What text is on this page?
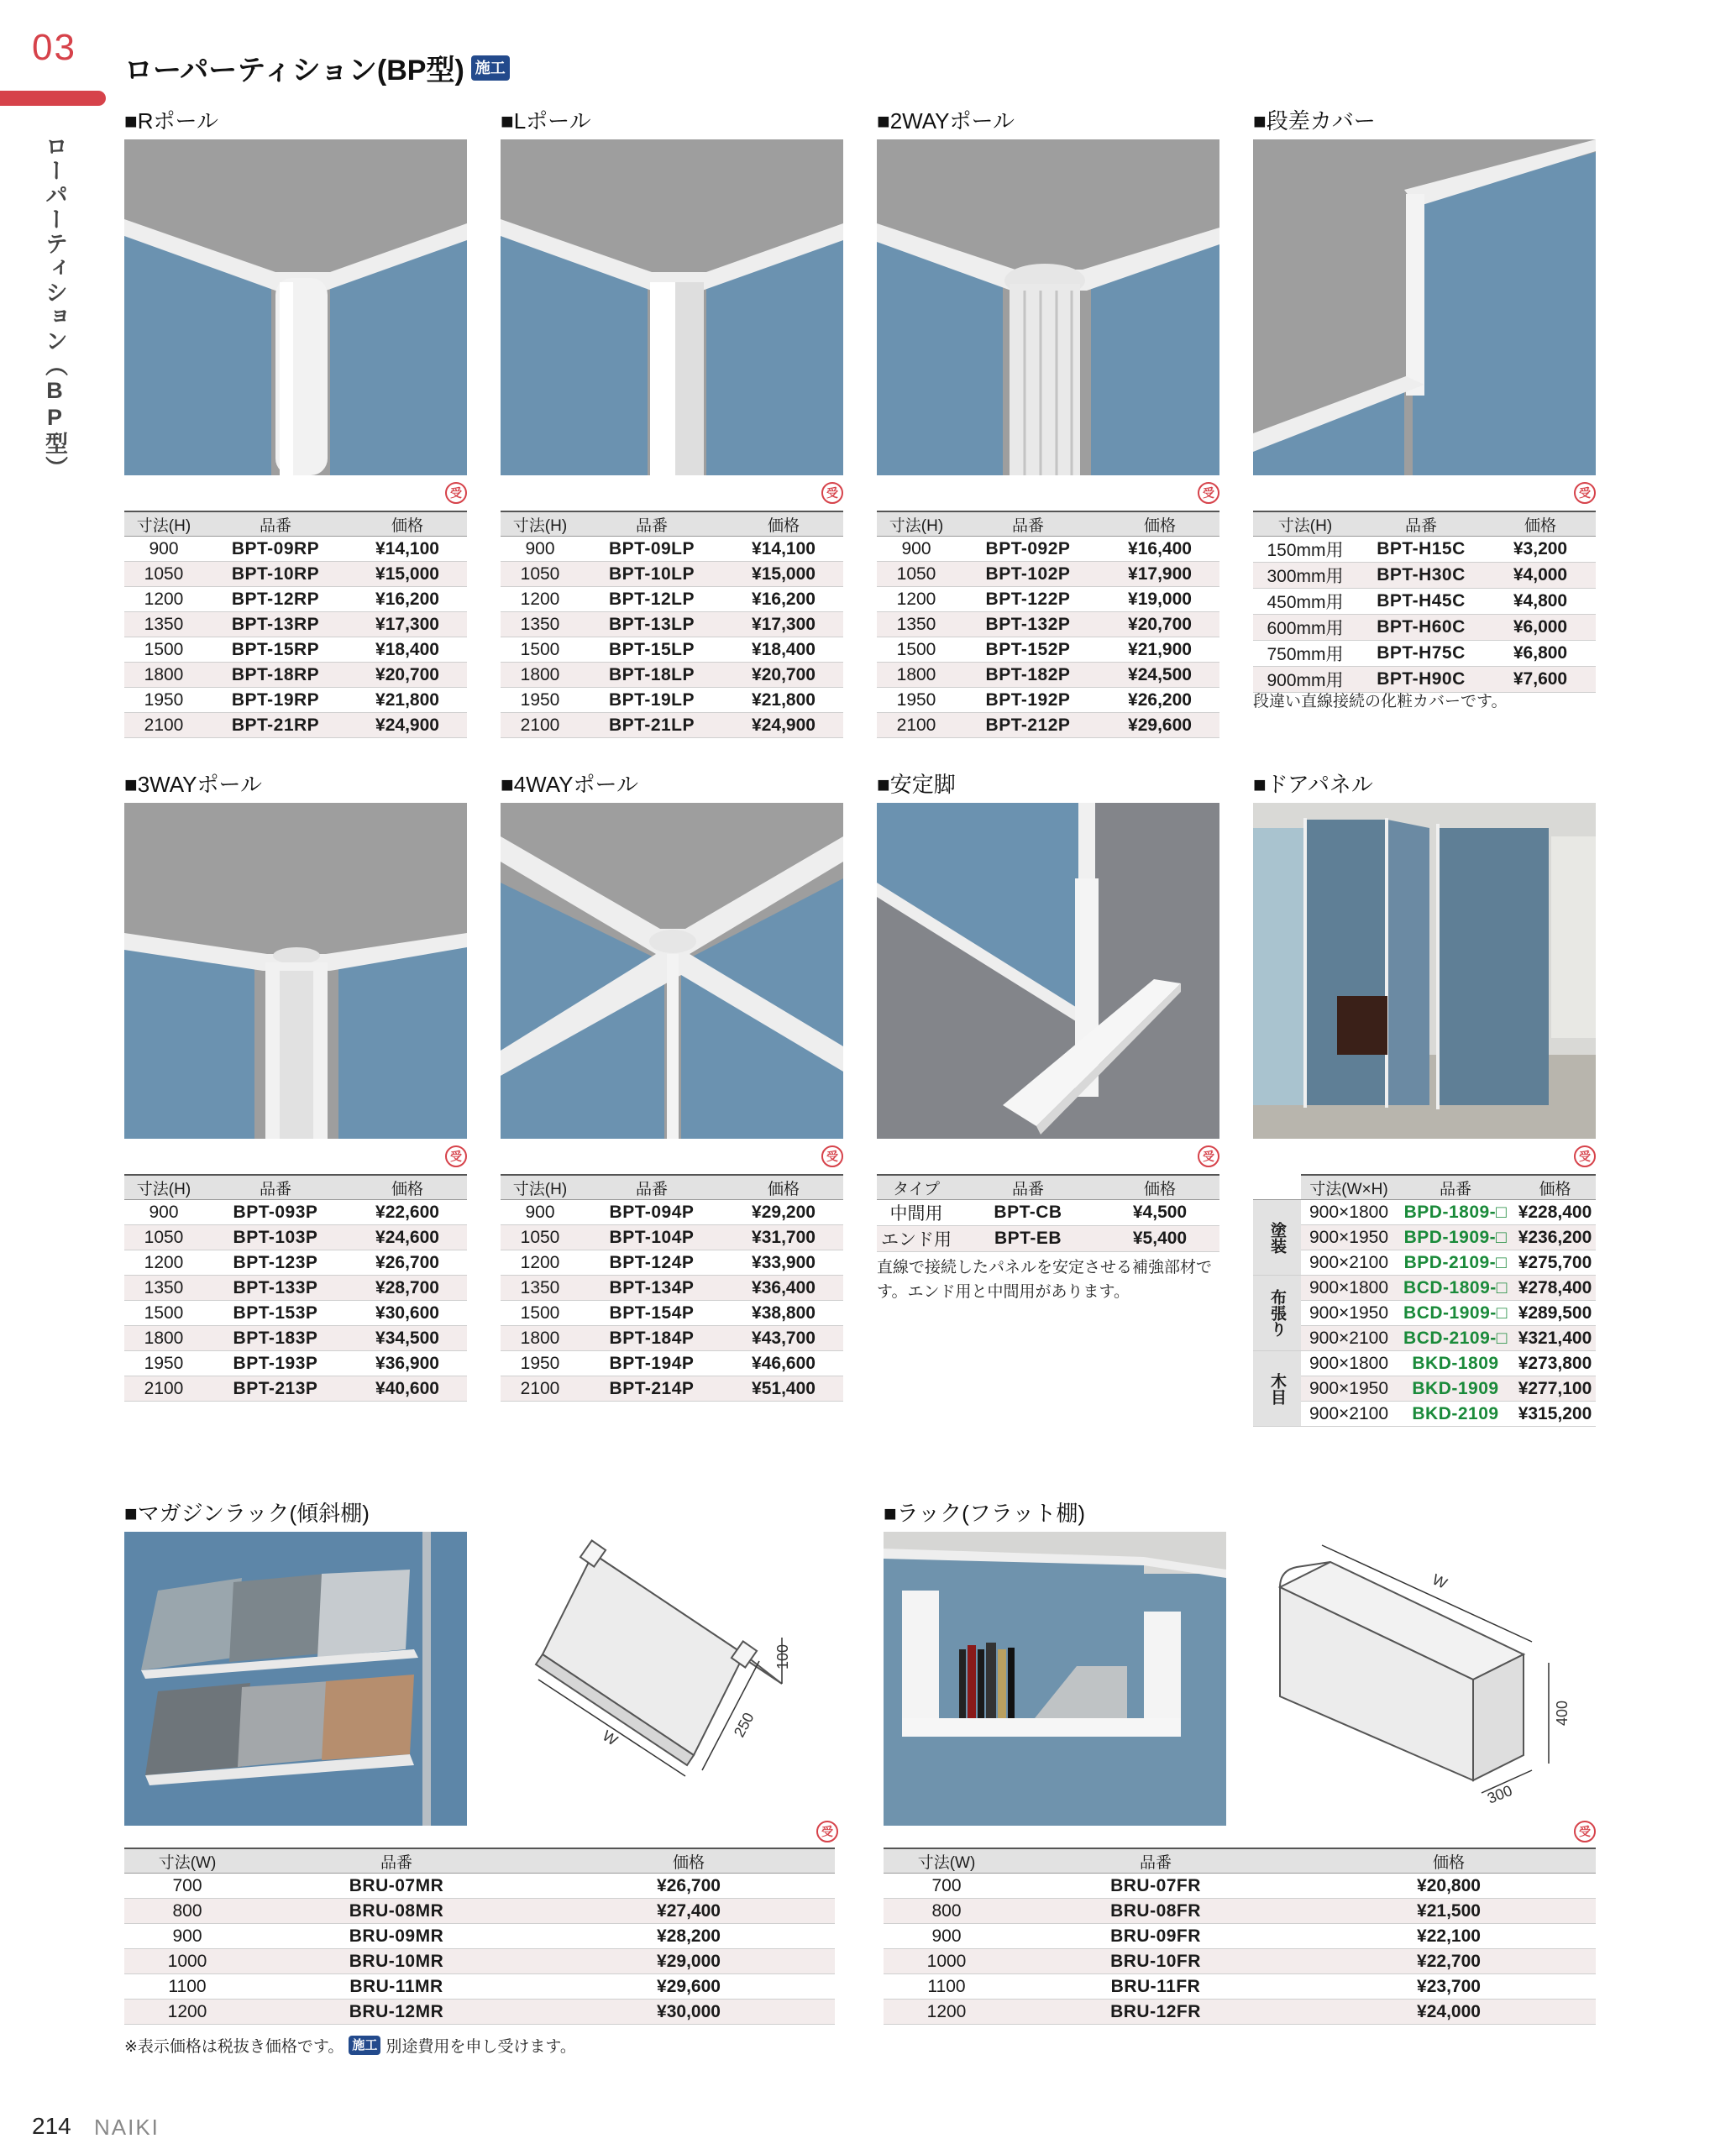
03
ローパーティション（BP型）
ローパーティション(BP型) 施工
■Rポール
受
寸法(H)	品番	価格
900	BPT-09RP	¥14,100
1050	BPT-10RP	¥15,000
1200	BPT-12RP	¥16,200
1350	BPT-13RP	¥17,300
1500	BPT-15RP	¥18,400
1800	BPT-18RP	¥20,700
1950	BPT-19RP	¥21,800
2100	BPT-21RP	¥24,900
■Lポール
受
寸法(H)	品番	価格
900	BPT-09LP	¥14,100
1050	BPT-10LP	¥15,000
1200	BPT-12LP	¥16,200
1350	BPT-13LP	¥17,300
1500	BPT-15LP	¥18,400
1800	BPT-18LP	¥20,700
1950	BPT-19LP	¥21,800
2100	BPT-21LP	¥24,900
■2WAYポール
受
寸法(H)	品番	価格
900	BPT-092P	¥16,400
1050	BPT-102P	¥17,900
1200	BPT-122P	¥19,000
1350	BPT-132P	¥20,700
1500	BPT-152P	¥21,900
1800	BPT-182P	¥24,500
1950	BPT-192P	¥26,200
2100	BPT-212P	¥29,600
■段差カバー
受
寸法(H)	品番	価格
150mm用	BPT-H15C	¥3,200
300mm用	BPT-H30C	¥4,000
450mm用	BPT-H45C	¥4,800
600mm用	BPT-H60C	¥6,000
750mm用	BPT-H75C	¥6,800
900mm用	BPT-H90C	¥7,600
段違い直線接続の化粧カバーです。
■3WAYポール
受
寸法(H)	品番	価格
900	BPT-093P	¥22,600
1050	BPT-103P	¥24,600
1200	BPT-123P	¥26,700
1350	BPT-133P	¥28,700
1500	BPT-153P	¥30,600
1800	BPT-183P	¥34,500
1950	BPT-193P	¥36,900
2100	BPT-213P	¥40,600
■4WAYポール
受
寸法(H)	品番	価格
900	BPT-094P	¥29,200
1050	BPT-104P	¥31,700
1200	BPT-124P	¥33,900
1350	BPT-134P	¥36,400
1500	BPT-154P	¥38,800
1800	BPT-184P	¥43,700
1950	BPT-194P	¥46,600
2100	BPT-214P	¥51,400
■安定脚
受
タイプ	品番	価格
中間用	BPT-CB	¥4,500
エンド用	BPT-EB	¥5,400
直線で接続したパネルを安定させる補強部材です。エンド用と中間用があります。
■ドアパネル
受
	寸法(W×H)	品番	価格
塗装	900×1800	BPD-1809-□	¥228,400
	900×1950	BPD-1909-□	¥236,200
	900×2100	BPD-2109-□	¥275,700
布張り	900×1800	BCD-1809-□	¥278,400
	900×1950	BCD-1909-□	¥289,500
	900×2100	BCD-2109-□	¥321,400
木目	900×1800	BKD-1809	¥273,800
	900×1950	BKD-1909	¥277,100
	900×2100	BKD-2109	¥315,200
■マガジンラック(傾斜棚)
W	250
100
受
寸法(W)	品番	価格
700	BRU-07MR	¥26,700
800	BRU-08MR	¥27,400
900	BRU-09MR	¥28,200
1000	BRU-10MR	¥29,000
1100	BRU-11MR	¥29,600
1200	BRU-12MR	¥30,000
■ラック(フラット棚)
W
400
300
受
寸法(W)	品番	価格
700	BRU-07FR	¥20,800
800	BRU-08FR	¥21,500
900	BRU-09FR	¥22,100
1000	BRU-10FR	¥22,700
1100	BRU-11FR	¥23,700
1200	BRU-12FR	¥24,000
※表示価格は税抜き価格です。 施工 別途費用を申し受けます。
214 NAIKI
